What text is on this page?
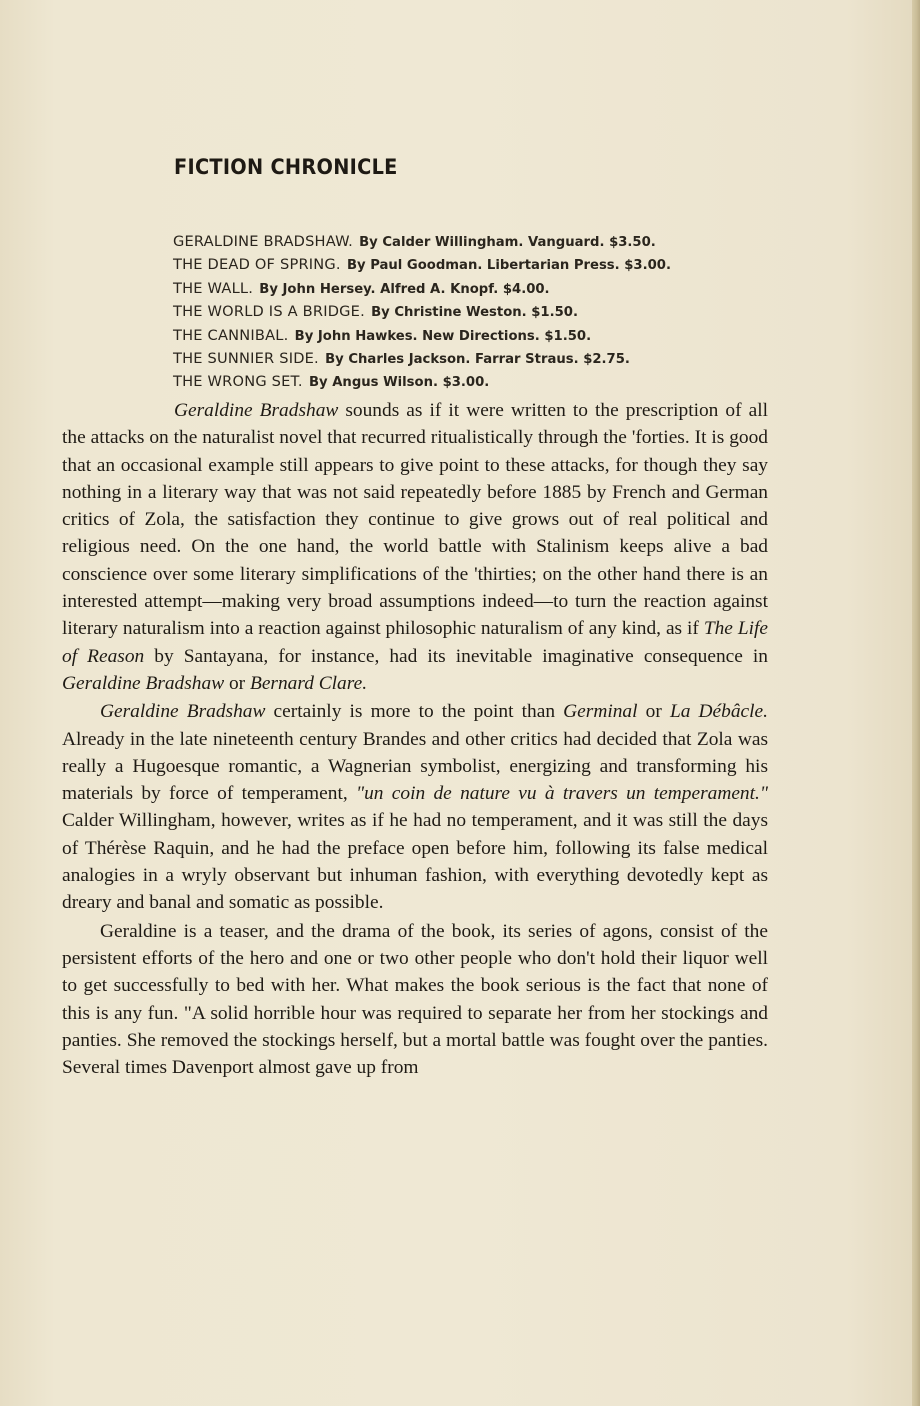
FICTION CHRONICLE
GERALDINE BRADSHAW. By Calder Willingham. Vanguard. $3.50.
THE DEAD OF SPRING. By Paul Goodman. Libertarian Press. $3.00.
THE WALL. By John Hersey. Alfred A. Knopf. $4.00.
THE WORLD IS A BRIDGE. By Christine Weston. $1.50.
THE CANNIBAL. By John Hawkes. New Directions. $1.50.
THE SUNNIER SIDE. By Charles Jackson. Farrar Straus. $2.75.
THE WRONG SET. By Angus Wilson. $3.00.

Geraldine Bradshaw sounds as if it were written to the prescription of all the attacks on the naturalist novel that recurred ritualistically through the 'forties. It is good that an occasional example still appears to give point to these attacks, for though they say nothing in a literary way that was not said repeatedly before 1885 by French and German critics of Zola, the satisfaction they continue to give grows out of real political and religious need. On the one hand, the world battle with Stalinism keeps alive a bad conscience over some literary simplifications of the 'thirties; on the other hand there is an interested attempt—making very broad assumptions indeed—to turn the reaction against literary naturalism into a reaction against philosophic naturalism of any kind, as if The Life of Reason by Santayana, for instance, had its inevitable imaginative consequence in Geraldine Bradshaw or Bernard Clare.

Geraldine Bradshaw certainly is more to the point than Germinal or La Débâcle. Already in the late nineteenth century Brandes and other critics had decided that Zola was really a Hugoesque romantic, a Wagnerian symbolist, energizing and transforming his materials by force of temperament, "un coin de nature vu à travers un temperament." Calder Willingham, however, writes as if he had no temperament, and it was still the days of Thérèse Raquin, and he had the preface open before him, following its false medical analogies in a wryly observant but inhuman fashion, with everything devotedly kept as dreary and banal and somatic as possible.

Geraldine is a teaser, and the drama of the book, its series of agons, consist of the persistent efforts of the hero and one or two other people who don't hold their liquor well to get successfully to bed with her. What makes the book serious is the fact that none of this is any fun. "A solid horrible hour was required to separate her from her stockings and panties. She removed the stockings herself, but a mortal battle was fought over the panties. Several times Davenport almost gave up from
